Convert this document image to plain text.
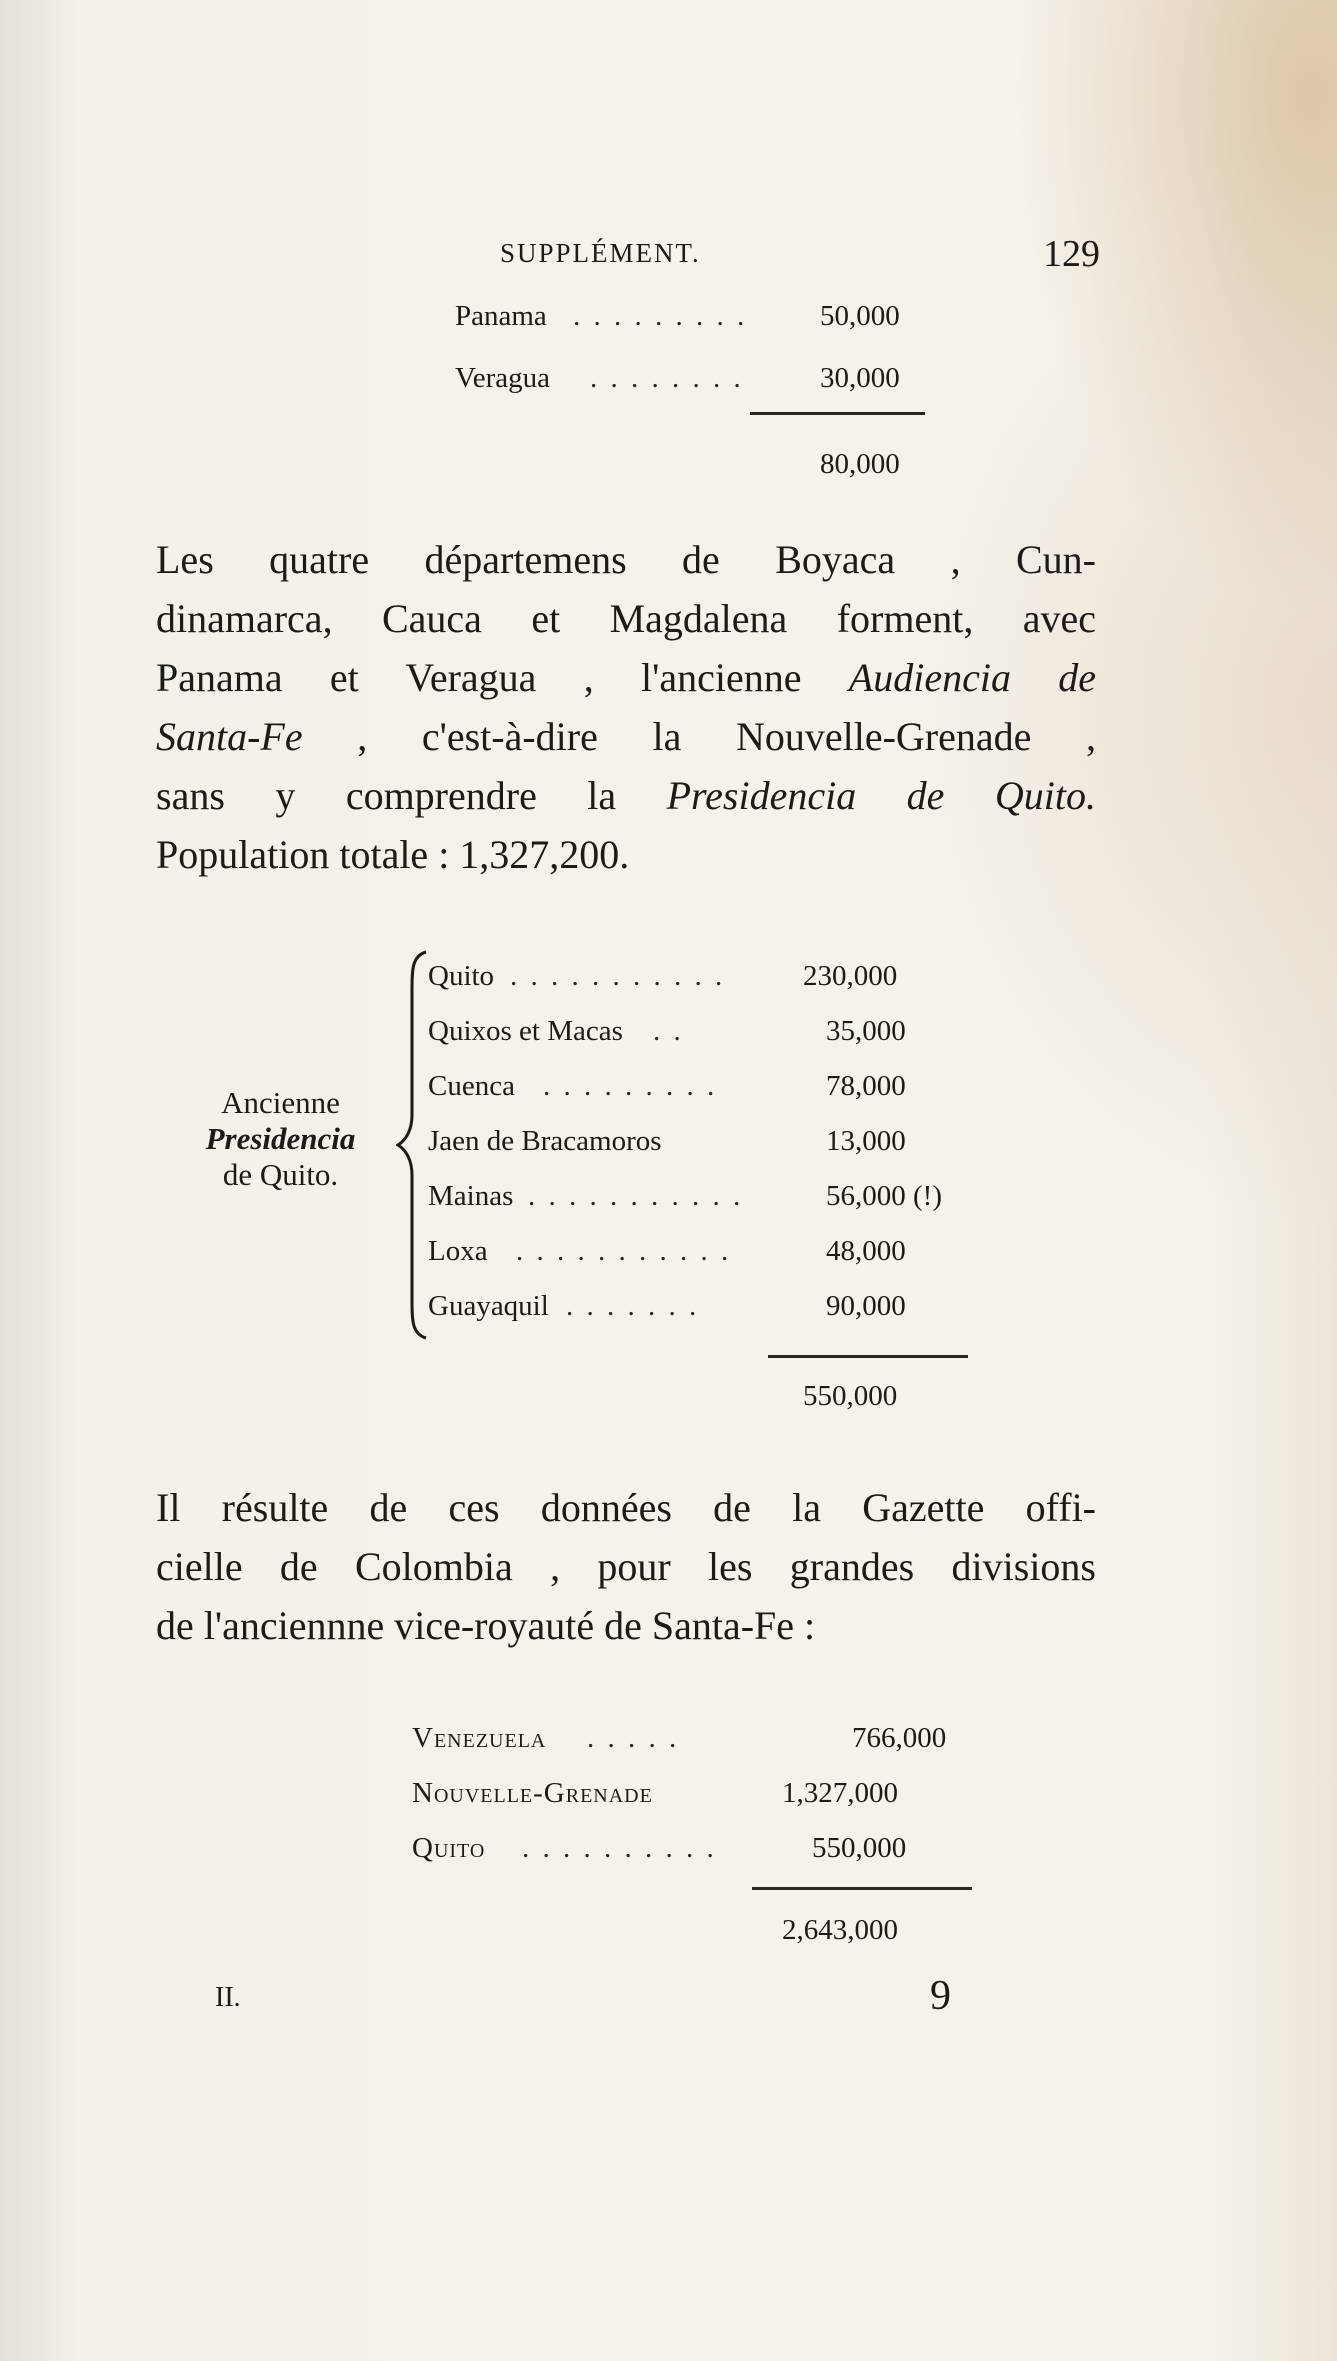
SUPPLÉMENT.	129
Panama . . . . . . . . .	50,000
Veragua . . . . . . . .	30,000
80,000
Les quatre départemens de Boyaca , Cun-
dinamarca, Cauca et Magdalena forment, avec
Panama et Veragua , l'ancienne Audiencia de
Santa-Fe , c'est-à-dire la Nouvelle-Grenade ,
sans y comprendre la Presidencia de Quito.
Population totale : 1,327,200.
Ancienne
Presidencia
de Quito.
Quito . . . . . . . . . . .	230,000
Quixos et Macas . .	35,000
Cuenca . . . . . . . . .	78,000
Jaen de Bracamoros	13,000
Mainas . . . . . . . . . . .	56,000 (!)
Loxa . . . . . . . . . . .	48,000
Guayaquil . . . . . . .	90,000
550,000
Il résulte de ces données de la Gazette offi-
cielle de Colombia , pour les grandes divisions
de l'anciennne vice-royauté de Santa-Fe :
Venezuela . . . . .	766,000
Nouvelle-Grenade	1,327,000
Quito . . . . . . . . . .	550,000
2,643,000
II.	9
